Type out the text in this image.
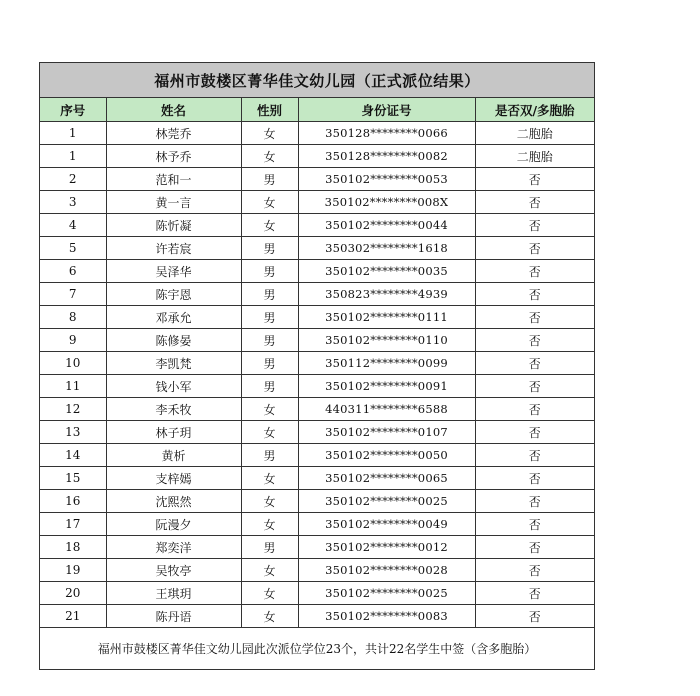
福州市鼓楼区菁华佳文幼儿园（正式派位结果）
序号	姓名	性别	身份证号	是否双/多胞胎
1	林莞乔	女	350128********0066	二胞胎
1	林予乔	女	350128********0082	二胞胎
2	范和一	男	350102********0053	否
3	黄一言	女	350102********008X	否
4	陈忻凝	女	350102********0044	否
5	许若宸	男	350302********1618	否
6	吴泽华	男	350102********0035	否
7	陈宇恩	男	350823********4939	否
8	邓承允	男	350102********0111	否
9	陈修晏	男	350102********0110	否
10	李凯梵	男	350112********0099	否
11	钱小军	男	350102********0091	否
12	李禾牧	女	440311********6588	否
13	林子玥	女	350102********0107	否
14	黄析	男	350102********0050	否
15	支梓嫣	女	350102********0065	否
16	沈熙然	女	350102********0025	否
17	阮漫夕	女	350102********0049	否
18	郑奕洋	男	350102********0012	否
19	吴牧亭	女	350102********0028	否
20	王琪玥	女	350102********0025	否
21	陈丹语	女	350102********0083	否
福州市鼓楼区菁华佳文幼儿园此次派位学位23个，共计22名学生中签（含多胞胎）
